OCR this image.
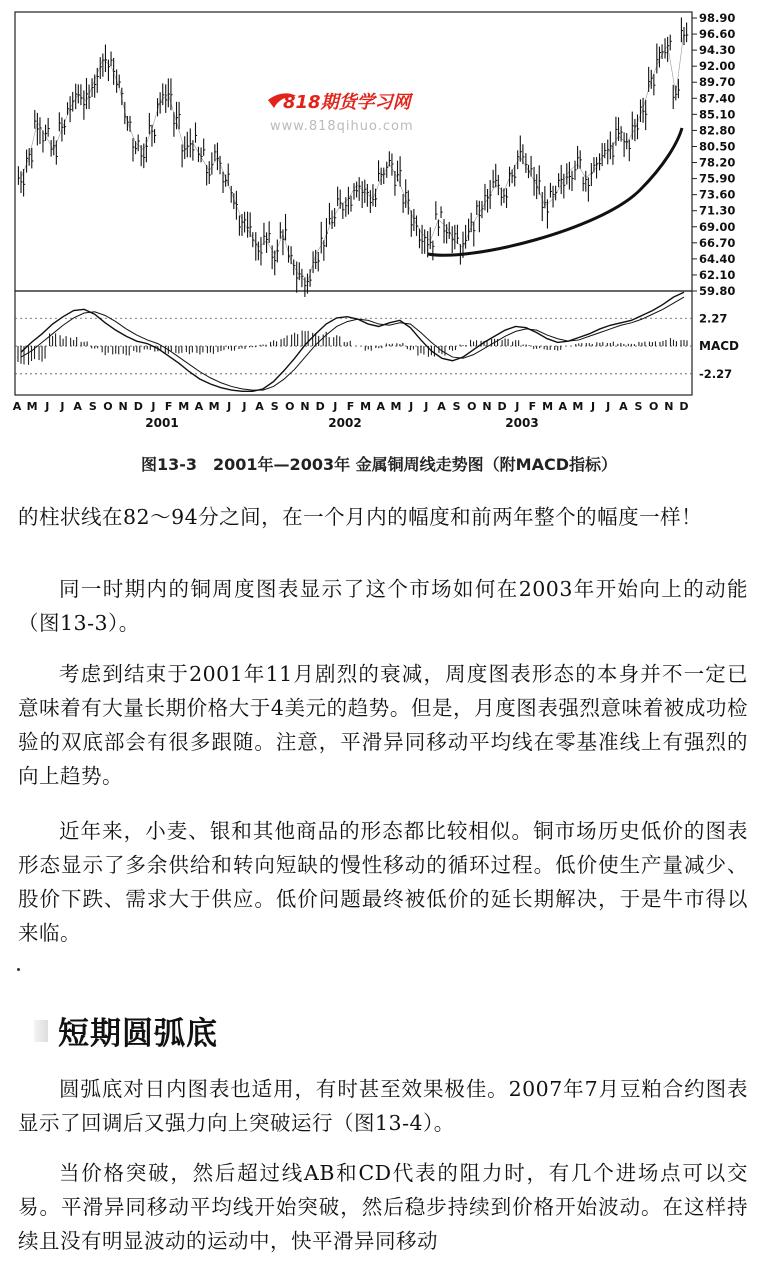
98.90
96.60
94.30
92.00
89.70
87.40
85.10
82.80
80.50
78.20
75.90
73.60
71.30
69.00
66.70
64.40
62.10
59.80
2.27
-2.27
MACD
A M J J A S O N D J F M A M J J A S O N D J F M A M J J A S O N D J F M A M J J A S O N D
2001	2002	2003
818期货学习网
www.818qihuo.com
图13-3　2001年—2003年 金属铜周线走势图（附MACD指标）

的柱状线在82～94分之间，在一个月内的幅度和前两年整个的幅度一样！

同一时期内的铜周度图表显示了这个市场如何在2003年开始向上的动能（图13-3）。

考虑到结束于2001年11月剧烈的衰减，周度图表形态的本身并不一定已意味着有大量长期价格大于4美元的趋势。但是，月度图表强烈意味着被成功检验的双底部会有很多跟随。注意，平滑异同移动平均线在零基准线上有强烈的向上趋势。

近年来，小麦、银和其他商品的形态都比较相似。铜市场历史低价的图表形态显示了多余供给和转向短缺的慢性移动的循环过程。低价使生产量减少、股价下跌、需求大于供应。低价问题最终被低价的延长期解决，于是牛市得以来临。

短期圆弧底

圆弧底对日内图表也适用，有时甚至效果极佳。2007年7月豆粕合约图表显示了回调后又强力向上突破运行（图13-4）。

当价格突破，然后超过线AB和CD代表的阻力时，有几个进场点可以交易。平滑异同移动平均线开始突破，然后稳步持续到价格开始波动。在这样持续且没有明显波动的运动中，快平滑异同移动
